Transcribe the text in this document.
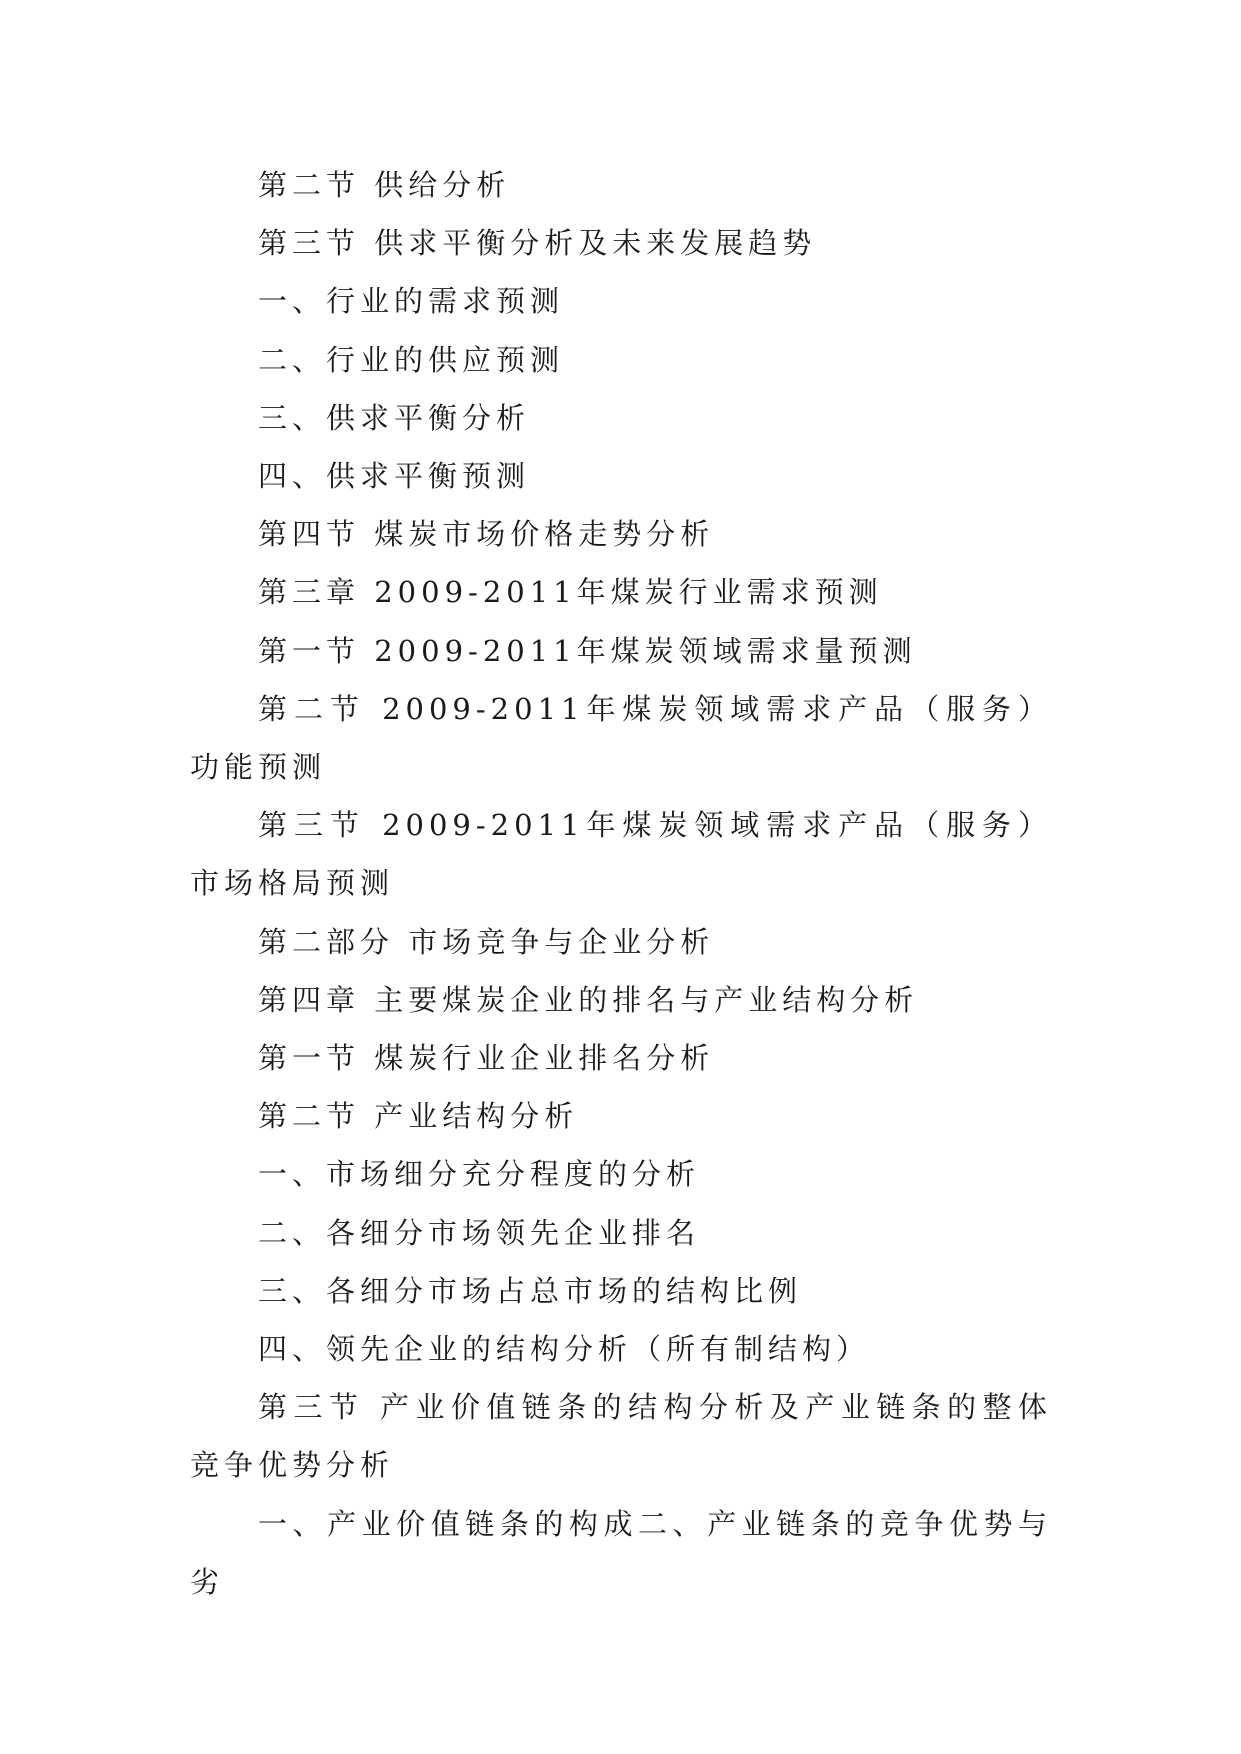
第二节 供给分析

第三节 供求平衡分析及未来发展趋势

一、行业的需求预测

二、行业的供应预测

三、供求平衡分析

四、供求平衡预测

第四节 煤炭市场价格走势分析

第三章 2009-2011年煤炭行业需求预测

第一节 2009-2011年煤炭领域需求量预测

第二节 2009-2011年煤炭领域需求产品（服务）功能预测

第三节 2009-2011年煤炭领域需求产品（服务）市场格局预测

第二部分 市场竞争与企业分析

第四章 主要煤炭企业的排名与产业结构分析

第一节 煤炭行业企业排名分析

第二节 产业结构分析

一、市场细分充分程度的分析

二、各细分市场领先企业排名

三、各细分市场占总市场的结构比例

四、领先企业的结构分析（所有制结构）

第三节 产业价值链条的结构分析及产业链条的整体竞争优势分析

一、产业价值链条的构成二、产业链条的竞争优势与劣
